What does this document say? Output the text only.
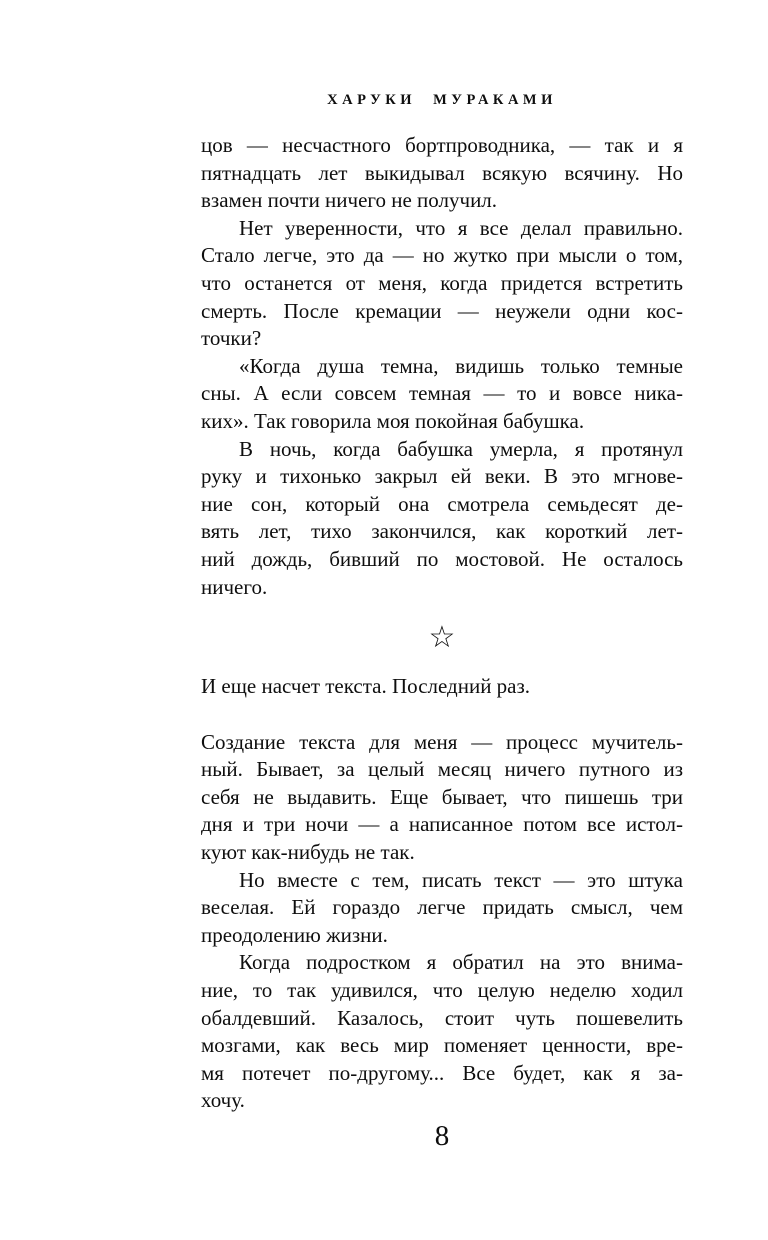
ХАРУКИ МУРАКАМИ
цов — несчастного бортпроводника, — так и я
пятнадцать лет выкидывал всякую всячину. Но
взамен почти ничего не получил.
Нет уверенности, что я все делал правильно.
Стало легче, это да — но жутко при мысли о том,
что останется от меня, когда придется встретить
смерть. После кремации — неужели одни кос-
точки?
«Когда душа темна, видишь только темные
сны. А если совсем темная — то и вовсе ника-
ких». Так говорила моя покойная бабушка.
В ночь, когда бабушка умерла, я протянул
руку и тихонько закрыл ей веки. В это мгнове-
ние сон, который она смотрела семьдесят де-
вять лет, тихо закончился, как короткий лет-
ний дождь, бивший по мостовой. Не осталось
ничего.
☆
И еще насчет текста. Последний раз.
Создание текста для меня — процесс мучитель-
ный. Бывает, за целый месяц ничего путного из
себя не выдавить. Еще бывает, что пишешь три
дня и три ночи — а написанное потом все истол-
куют как-нибудь не так.
Но вместе с тем, писать текст — это штука
веселая. Ей гораздо легче придать смысл, чем
преодолению жизни.
Когда подростком я обратил на это внима-
ние, то так удивился, что целую неделю ходил
обалдевший. Казалось, стоит чуть пошевелить
мозгами, как весь мир поменяет ценности, вре-
мя потечет по-другому... Все будет, как я за-
хочу.
8
